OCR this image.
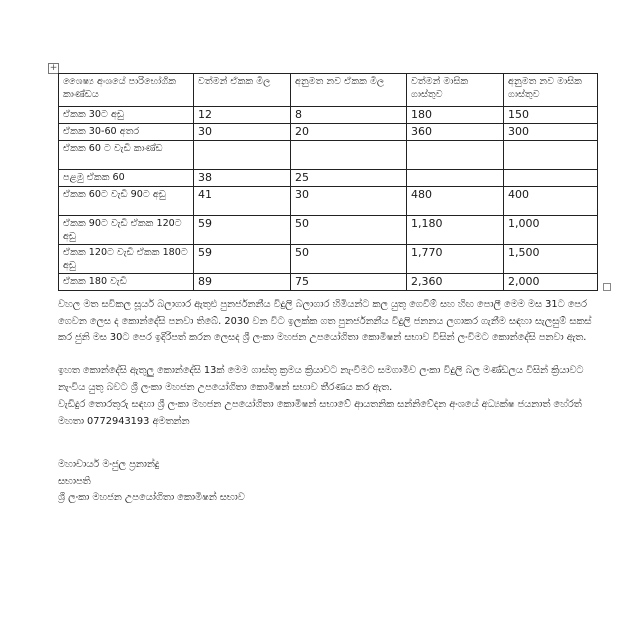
+
ශෛෂ්‍ය අංශයේ පාරිභෝගික කාණ්ඩය	වත්මන් ඒකක මිල	අනුමත නව ඒකක මිල	වත්මන් මාසික ගාස්තුව	අනුමත නව මාසික ගාස්තුව
ඒකක 30ට අඩු	12	8	180	150
ඒකක 30-60 අතර	30	20	360	300
ඒකක 60 ට වැඩි කාණ්ඩ				
පළමු ඒකක 60	38	25		
ඒකක 60ට වැඩි 90ට අඩු	41	30	480	400
ඒකක 90ට වැඩි ඒකක 120ට අඩු	59	50	1,180	1,000
ඒකක 120ට වැඩි ඒකක 180ට අඩු	59	50	1,770	1,500
ඒකක 180 වැඩි	89	75	2,360	2,000
වහල මත සවිකල සූර්ය බලාගාර ඇතුළු පුනර්ජනනීය විදුලි බලාගාර හිමියන්ට කල යුතු ගෙවීම් සහ හිඟ පොලී මෙම මස 31ට පෙර ගෙවන ලෙස ද කොන්දේසි පනවා තිබේ. 2030 වන විට ඉලක්ක ගත පුනර්ජනනීය විදුලි ජනනය ලගාකර ගැනීම සඳහා සැලසුම් සකස් කර ජුනි මස 30ට පෙර ඉදිරිපත් කරන ලෙසද ශ්‍රී ලංකා මහජන උපයෝගිතා කොමිෂන් සභාව විසින් ලංවිමට කොන්දේසි පනවා ඇත.
ඉහත කොන්දේසි ඇතුලු කොන්දේසි 13ක් මෙම ගාස්තු ක්‍රමය ක්‍රියාවට නැංවීමට සමගාමීව ලංකා විදුලි බල මණ්ඩලය විසින් ක්‍රියාවට නැංවිය යුතු බවට ශ්‍රී ලංකා මහජන උපයෝගිතා කොමිෂන් සභාව තීරණය කර ඇත.
වැඩිදුර තොරතුරු සඳහා ශ්‍රී ලංකා මහජන උපයෝගිතා කොමිෂන් සභාවේ ආයතනික සන්නිවේදන අංශයේ අධ්‍යක්ෂ ජයනාත් හේරත් මහතා 0772943193 අමතන්න
මහාචාර්ය මංජුල ප්‍රනාන්දු
සභාපති
ශ්‍රී ලංකා මහජන උපයෝගිතා කොමිෂන් සභාව
